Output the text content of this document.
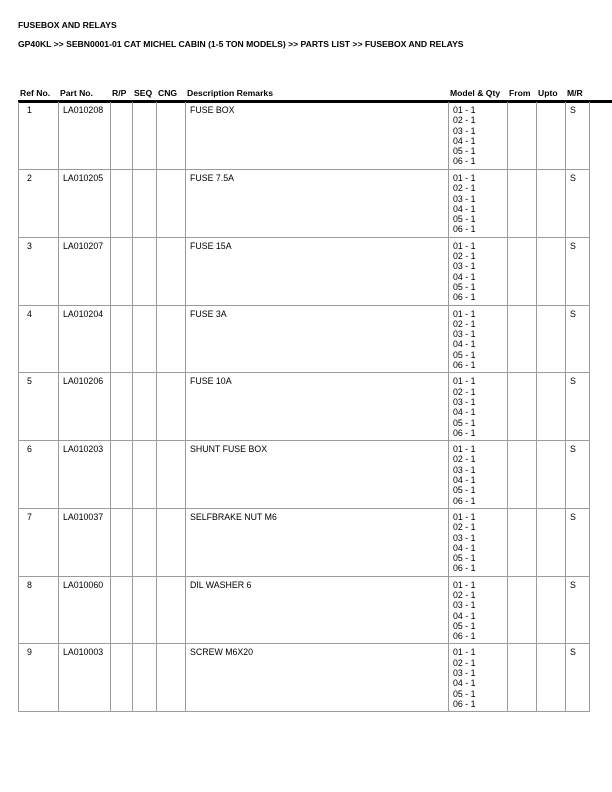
FUSEBOX AND RELAYS
GP40KL >> SEBN0001-01 CAT MICHEL CABIN (1-5 TON MODELS) >> PARTS LIST >> FUSEBOX AND RELAYS
Ref No.	Part No.	R/P SEQ CNG	Description Remarks	Model & Qty	From Upto	M/R
1	LA010208				FUSE BOX	01 - 1
02 - 1
03 - 1
04 - 1
05 - 1
06 - 1
			S
2	LA010205				FUSE 7.5A	01 - 1
02 - 1
03 - 1
04 - 1
05 - 1
06 - 1
			S
3	LA010207				FUSE 15A	01 - 1
02 - 1
03 - 1
04 - 1
05 - 1
06 - 1
			S
4	LA010204				FUSE 3A	01 - 1
02 - 1
03 - 1
04 - 1
05 - 1
06 - 1
			S
5	LA010206				FUSE 10A	01 - 1
02 - 1
03 - 1
04 - 1
05 - 1
06 - 1
			S
6	LA010203				SHUNT FUSE BOX	01 - 1
02 - 1
03 - 1
04 - 1
05 - 1
06 - 1
			S
7	LA010037				SELFBRAKE NUT M6	01 - 1
02 - 1
03 - 1
04 - 1
05 - 1
06 - 1
			S
8	LA010060				DIL WASHER 6	01 - 1
02 - 1
03 - 1
04 - 1
05 - 1
06 - 1
			S
9	LA010003				SCREW M6X20	01 - 1
02 - 1
03 - 1
04 - 1
05 - 1
06 - 1
			S
